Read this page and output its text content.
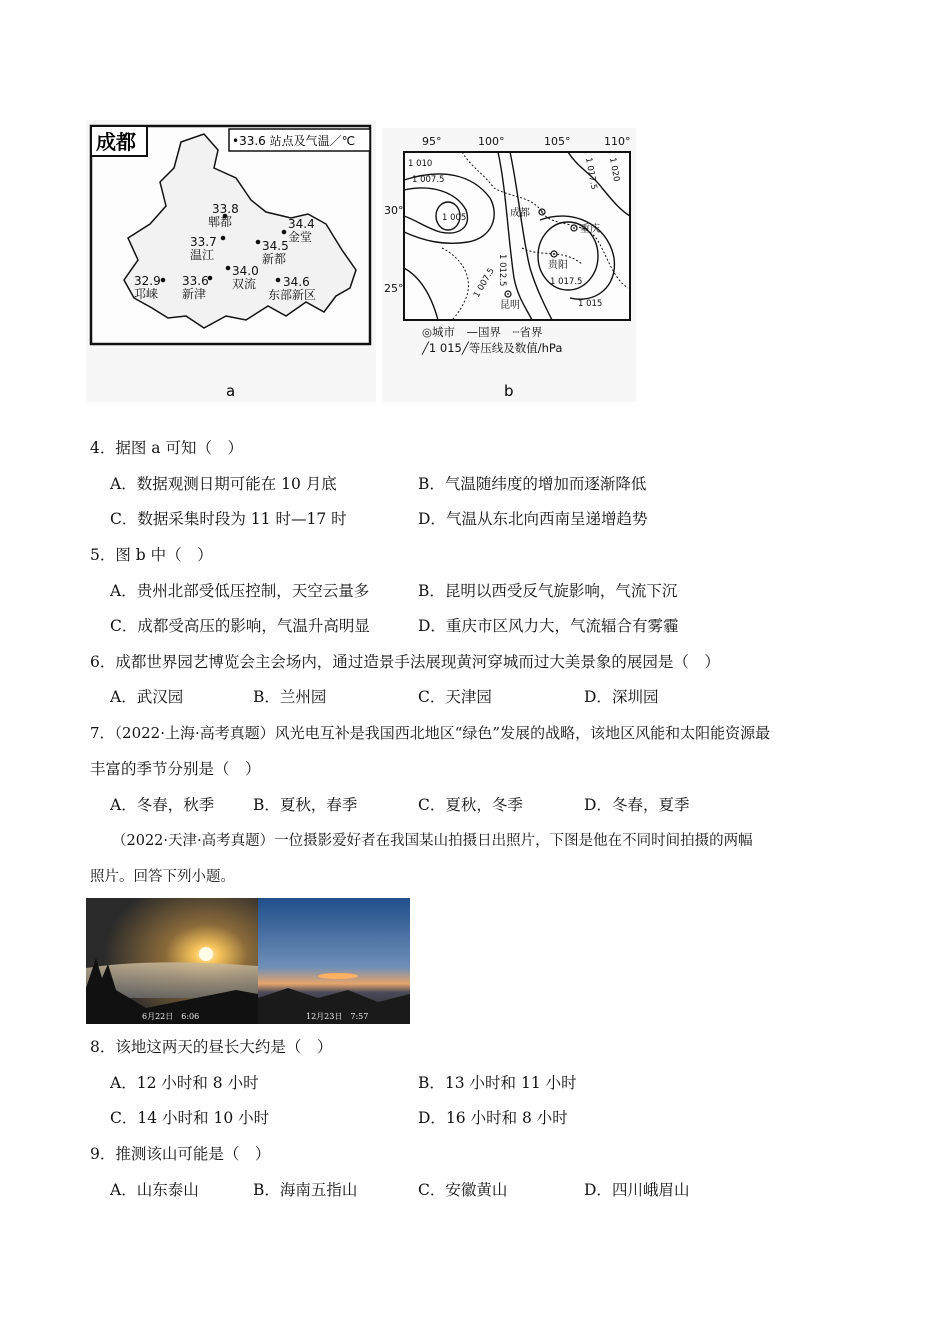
成都	•33.6 站点及气温／℃
33.8
郫都
33.7
温江
34.5
新都
34.4
金堂
32.9
邛崃
33.6
新津
34.0
双流 34.6
东部新区
a
95°	100°	105°	110°
30°
25°
1 010
1 007.5
1 005
1 012.5
1 007.5	1 017.5
1 015
1 017.5 1 020
成都
重庆
贵阳
昆明
◎城市　—国界　┈省界
╱1 015╱等压线及数值/hPa
b
4．据图 a 可知（　）
A．数据观测日期可能在 10 月底	B．气温随纬度的增加而逐渐降低
C．数据采集时段为 11 时—17 时	D．气温从东北向西南呈递增趋势
5．图 b 中（　）
A．贵州北部受低压控制，天空云量多	B．昆明以西受反气旋影响，气流下沉
C．成都受高压的影响，气温升高明显	D．重庆市区风力大，气流辐合有雾霾
6．成都世界园艺博览会主会场内，通过造景手法展现黄河穿城而过大美景象的展园是（　）
A．武汉园	B．兰州园	C．天津园	D．深圳园
7．（2022·上海·高考真题）风光电互补是我国西北地区“绿色”发展的战略，该地区风能和太阳能资源最
丰富的季节分别是（　）
A．冬春，秋季	B．夏秋，春季	C．夏秋，冬季	D．冬春，夏季
（2022·天津·高考真题）一位摄影爱好者在我国某山拍摄日出照片，下图是他在不同时间拍摄的两幅
照片。回答下列小题。
6月22日　6:06	12月23日　7:57
8．该地这两天的昼长大约是（　）
A．12 小时和 8 小时	B．13 小时和 11 小时
C．14 小时和 10 小时	D．16 小时和 8 小时
9．推测该山可能是（　）
A．山东泰山	B．海南五指山	C．安徽黄山	D．四川峨眉山
